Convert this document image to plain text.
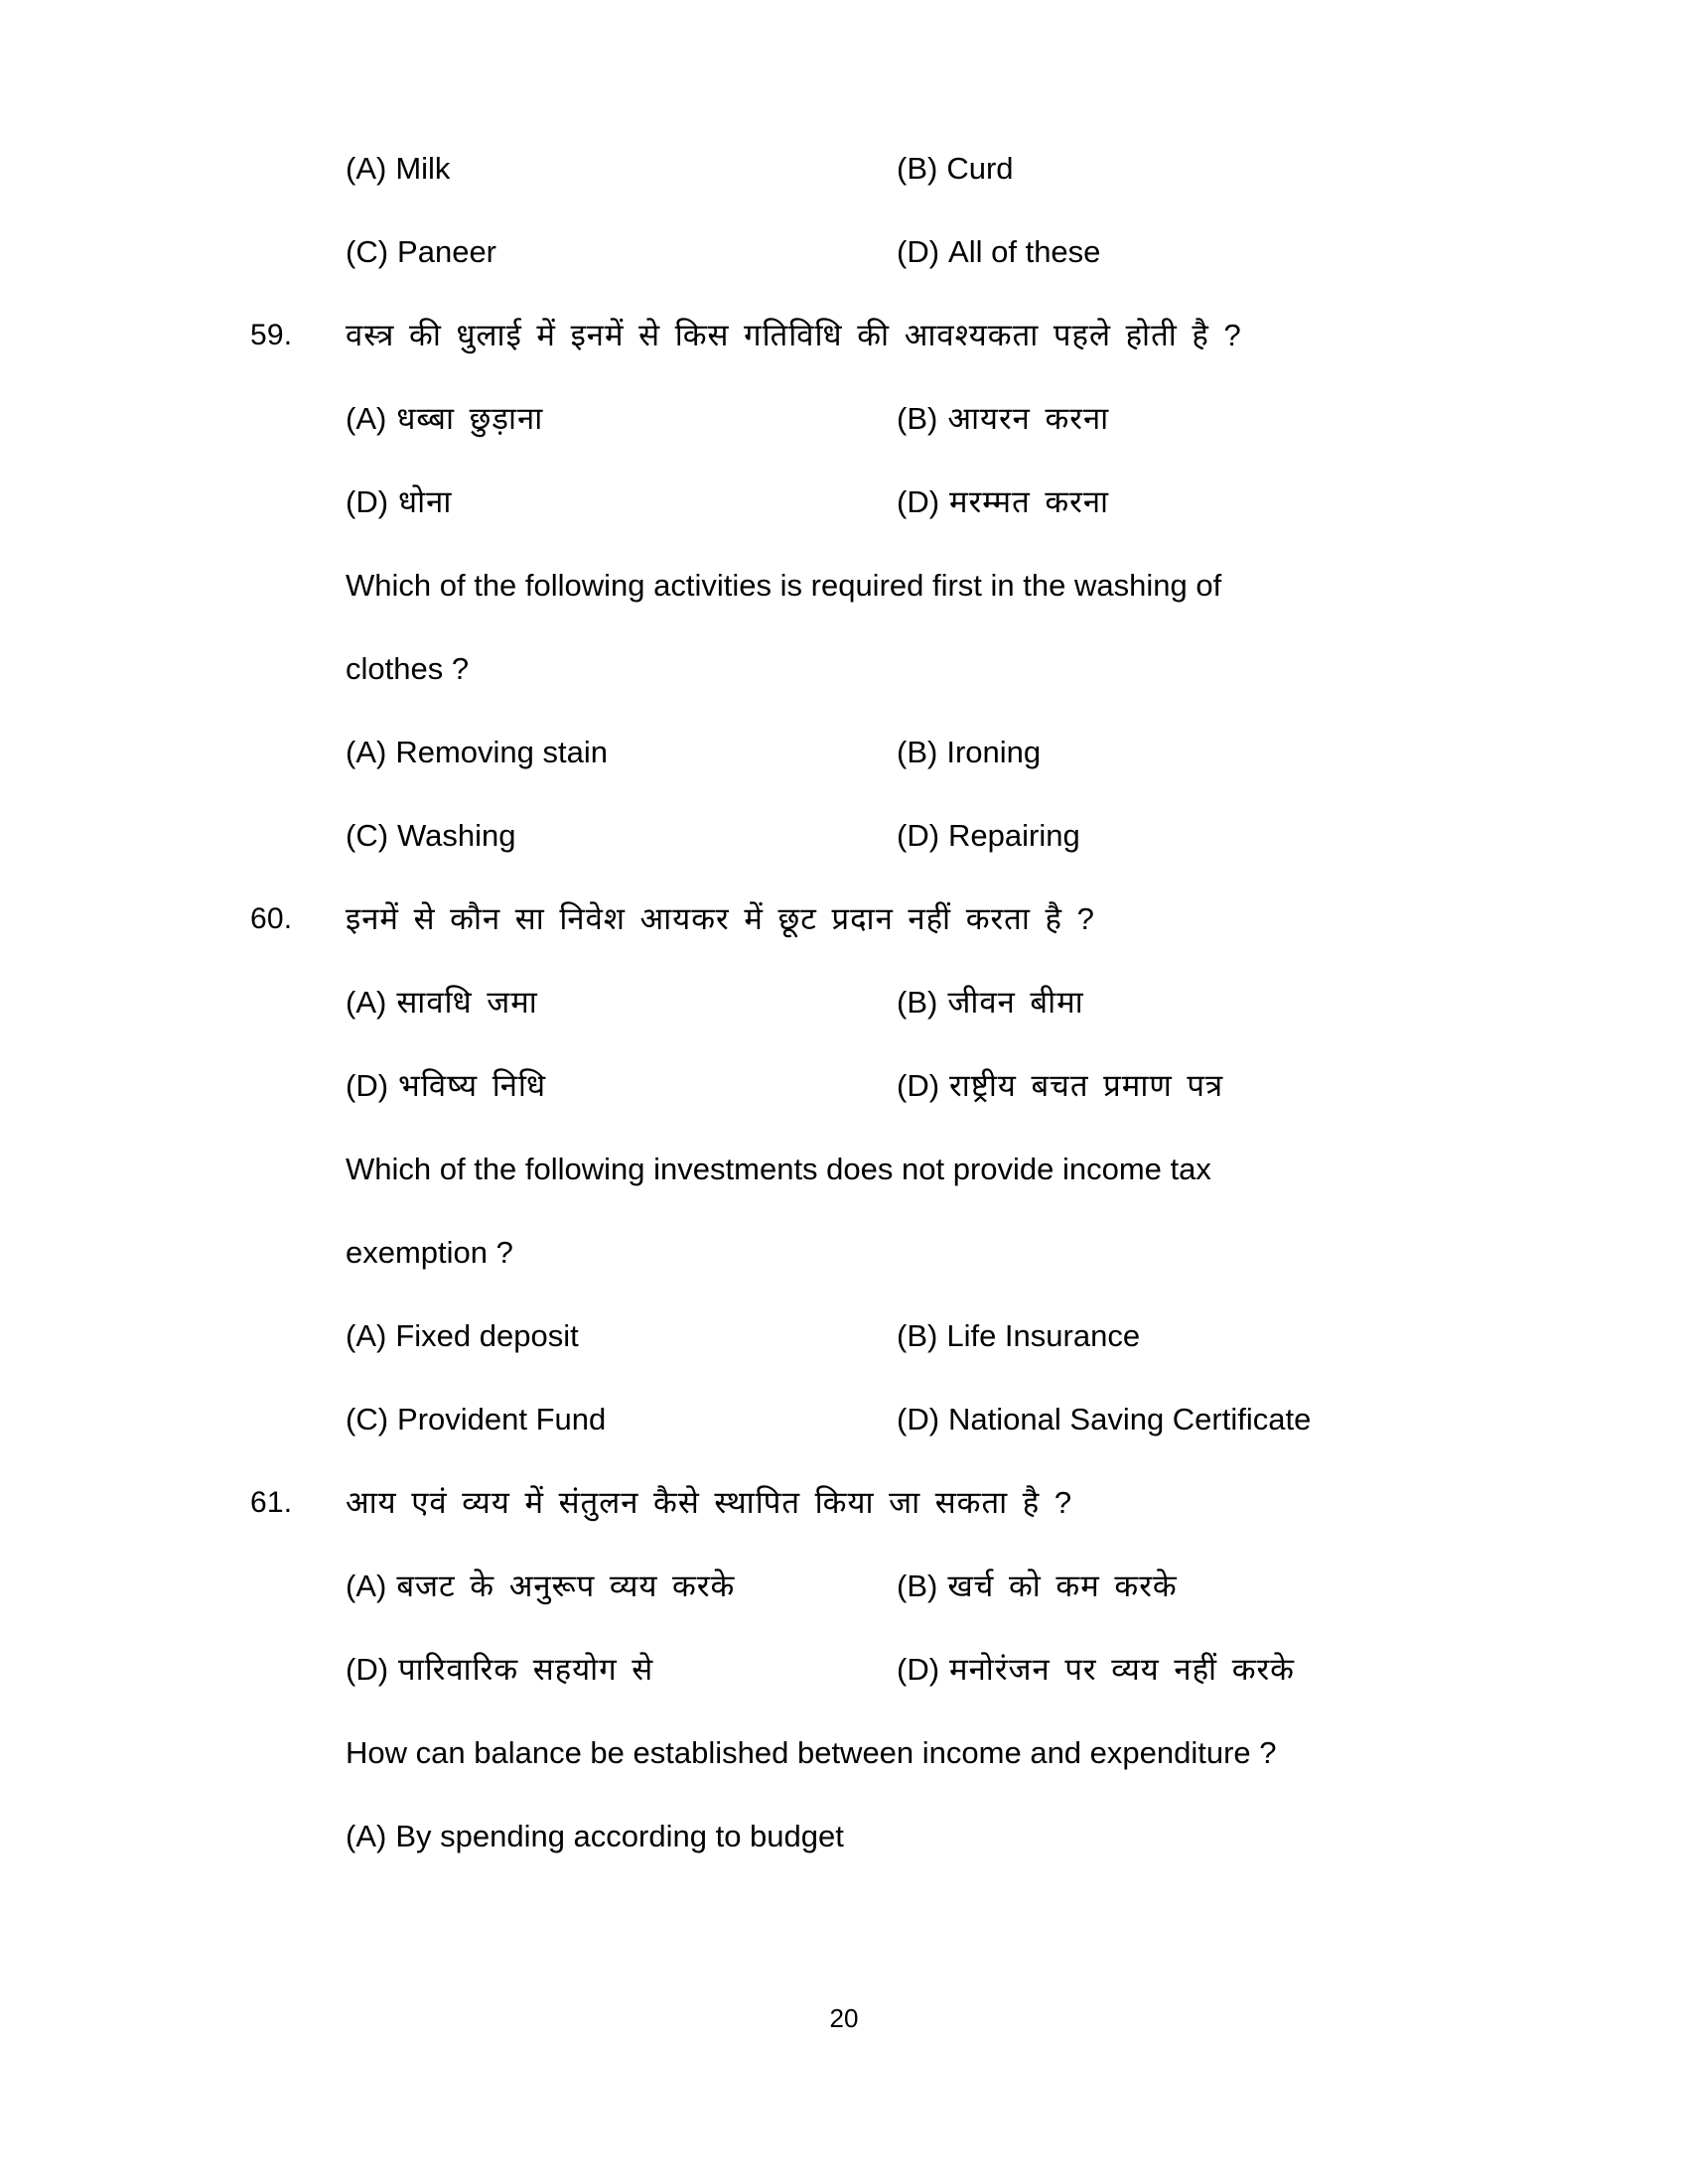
(A) Milk	(B) Curd
(C) Paneer	(D) All of these
59.	वस्त्र की धुलाई में इनमें से किस गतिविधि की आवश्यकता पहले होती है ?
(A) धब्बा छुड़ाना	(B) आयरन करना
(D) धोना	(D) मरम्मत करना
Which of the following activities is required first in the washing of
clothes ?
(A) Removing stain	(B) Ironing
(C) Washing	(D) Repairing
60.	इनमें से कौन सा निवेश आयकर में छूट प्रदान नहीं करता है ?
(A) सावधि जमा	(B) जीवन बीमा
(D) भविष्य निधि	(D) राष्ट्रीय बचत प्रमाण पत्र
Which of the following investments does not provide income tax
exemption ?
(A) Fixed deposit	(B) Life Insurance
(C) Provident Fund	(D) National Saving Certificate
61.	आय एवं व्यय में संतुलन कैसे स्थापित किया जा सकता है ?
(A) बजट के अनुरूप व्यय करके	(B) खर्च को कम करके
(D) पारिवारिक सहयोग से	(D) मनोरंजन पर व्यय नहीं करके
How can balance be established between income and expenditure ?
(A) By spending according to budget
20
